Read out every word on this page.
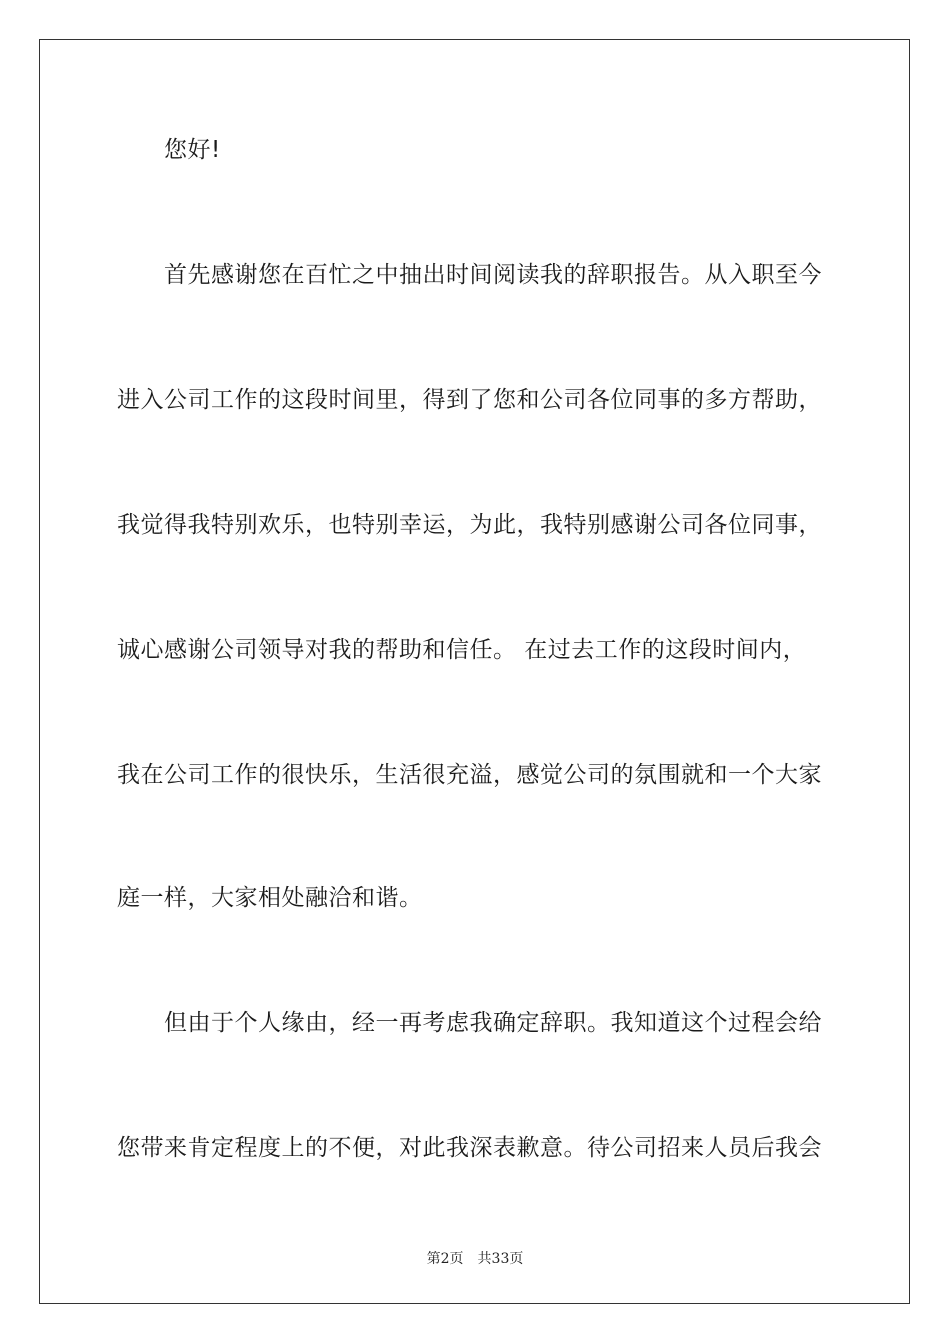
您好!
首先感谢您在百忙之中抽出时间阅读我的辞职报告。从入职至今
进入公司工作的这段时间里，得到了您和公司各位同事的多方帮助，
我觉得我特别欢乐，也特别幸运，为此，我特别感谢公司各位同事，
诚心感谢公司领导对我的帮助和信任。 在过去工作的这段时间内，
我在公司工作的很快乐，生活很充溢，感觉公司的氛围就和一个大家
庭一样，大家相处融洽和谐。
但由于个人缘由，经一再考虑我确定辞职。我知道这个过程会给
您带来肯定程度上的不便，对此我深表歉意。待公司招来人员后我会
第2页 共33页
